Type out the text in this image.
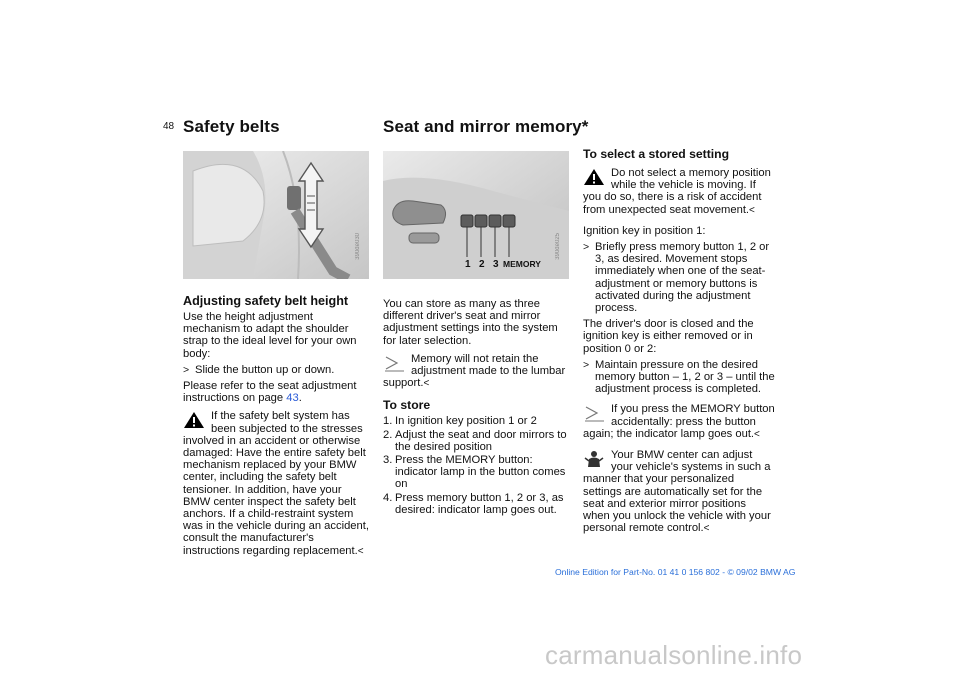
48 Safety belts	Seat and mirror memory*
390de030
1 2 3 MEMORY
390de025
Adjusting safety belt height

Use the height adjustment mechanism to adapt the shoulder strap to the ideal level for your own body:

> Slide the button up or down.

Please refer to the seat adjustment instructions on page 43.

If the safety belt system has been subjected to the stresses involved in an accident or otherwise damaged: Have the entire safety belt mechanism replaced by your BMW center, including the safety belt tensioner. In addition, have your BMW center inspect the safety belt anchors. If a child-restraint system was in the vehicle during an accident, consult the manufacturer's instructions regarding replacement.<

You can store as many as three different driver's seat and mirror adjustment settings into the system for later selection.

Memory will not retain the adjustment made to the lumbar support.<
To store
1. In ignition key position 1 or 2
2. Adjust the seat and door mirrors to the desired position
3. Press the MEMORY button: indicator lamp in the button comes on
4. Press memory button 1, 2 or 3, as desired: indicator lamp goes out.
To select a stored setting
Do not select a memory position while the vehicle is moving. If you do so, there is a risk of accident from unexpected seat movement.<

Ignition key in position 1:

> Briefly press memory button 1, 2 or 3, as desired. Movement stops immediately when one of the seat-adjustment or memory buttons is activated during the adjustment process.

The driver's door is closed and the ignition key is either removed or in position 0 or 2:

> Maintain pressure on the desired memory button – 1, 2 or 3 – until the adjustment process is completed.
If you press the MEMORY button accidentally: press the button again; the indicator lamp goes out.<
Your BMW center can adjust your vehicle's systems in such a manner that your personalized settings are automatically set for the seat and exterior mirror positions when you unlock the vehicle with your personal remote control.<
Online Edition for Part-No. 01 41 0 156 802 - © 09/02 BMW AG
carmanualsonline.info
